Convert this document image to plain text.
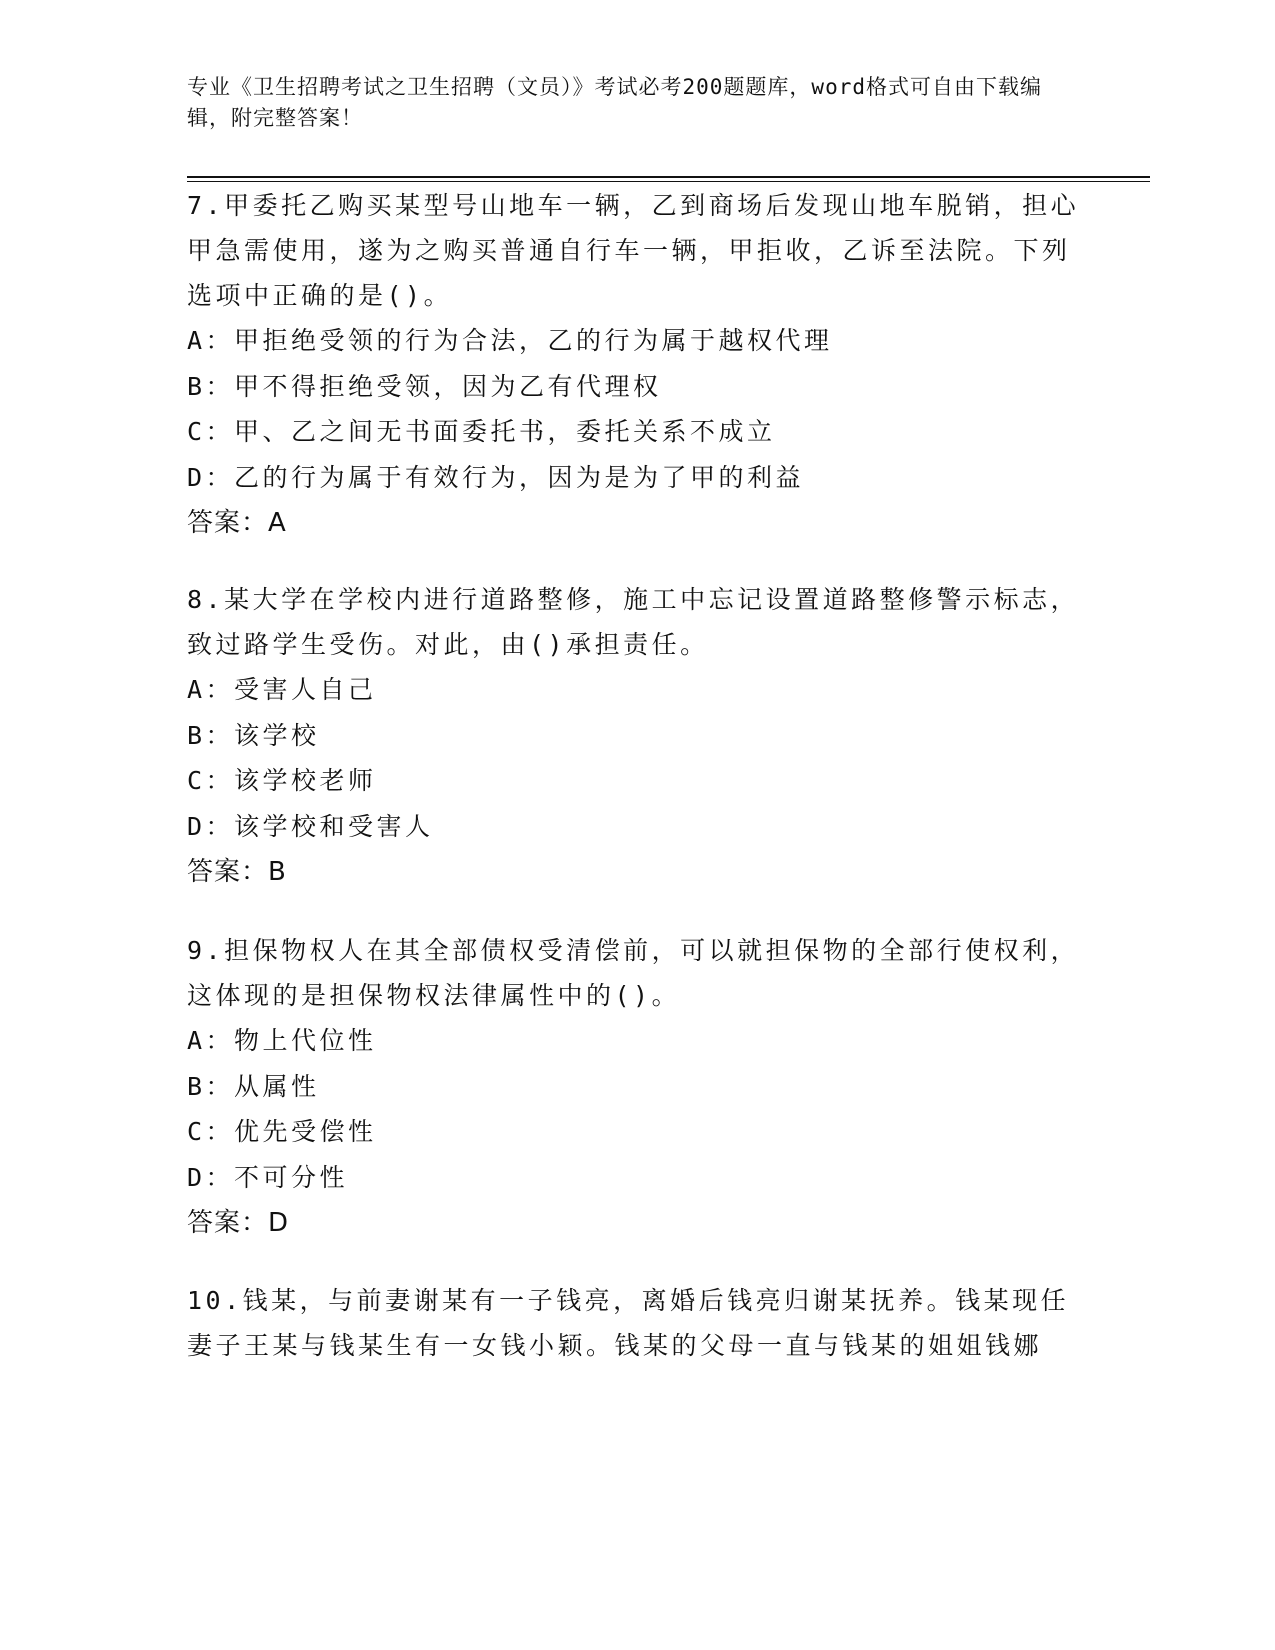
专业《卫生招聘考试之卫生招聘（文员）》考试必考200题题库，word格式可自由下载编辑，附完整答案！
7.甲委托乙购买某型号山地车一辆，乙到商场后发现山地车脱销，担心甲急需使用，遂为之购买普通自行车一辆，甲拒收，乙诉至法院。下列选项中正确的是()。
A：甲拒绝受领的行为合法，乙的行为属于越权代理
B：甲不得拒绝受领，因为乙有代理权
C：甲、乙之间无书面委托书，委托关系不成立
D：乙的行为属于有效行为，因为是为了甲的利益
答案：A
8.某大学在学校内进行道路整修，施工中忘记设置道路整修警示标志，致过路学生受伤。对此，由()承担责任。
A：受害人自己
B：该学校
C：该学校老师
D：该学校和受害人
答案：B
9.担保物权人在其全部债权受清偿前，可以就担保物的全部行使权利，这体现的是担保物权法律属性中的()。
A：物上代位性
B：从属性
C：优先受偿性
D：不可分性
答案：D
10.钱某，与前妻谢某有一子钱亮，离婚后钱亮归谢某抚养。钱某现任妻子王某与钱某生有一女钱小颖。钱某的父母一直与钱某的姐姐钱娜
